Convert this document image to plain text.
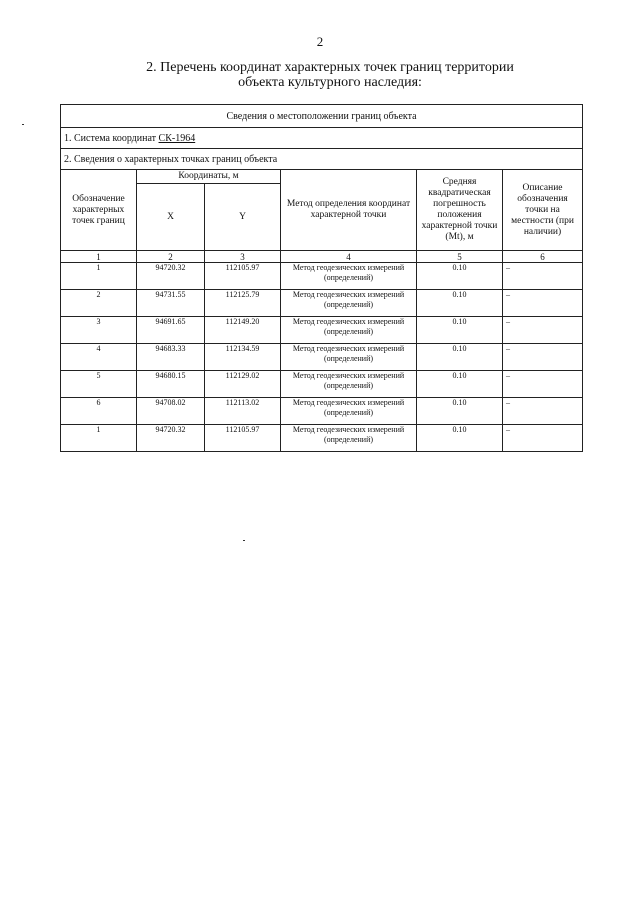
2
2. Перечень координат характерных точек границ территории
объекта культурного наследия:
Сведения о местоположении границ объекта					
1. Система координат СК-1964					
2. Сведения о характерных точках границ объекта					
Обозначение характерных точек границ	Координаты, м		Метод определения координат характерной точки	Средняя квадратическая погрешность положения характерной точки (Мt), м	Описание обозначения точки на местности (при наличии)
	X	Y			
1	2	3	4	5	6
1	94720.32	112105.97	Метод геодезических измерений (определений)	0.10	–
2	94731.55	112125.79	Метод геодезических измерений (определений)	0.10	–
3	94691.65	112149.20	Метод геодезических измерений (определений)	0.10	–
4	94683.33	112134.59	Метод геодезических измерений (определений)	0.10	–
5	94680.15	112129.02	Метод геодезических измерений (определений)	0.10	–
6	94708.02	112113.02	Метод геодезических измерений (определений)	0.10	–
1	94720.32	112105.97	Метод геодезических измерений (определений)	0.10	–
